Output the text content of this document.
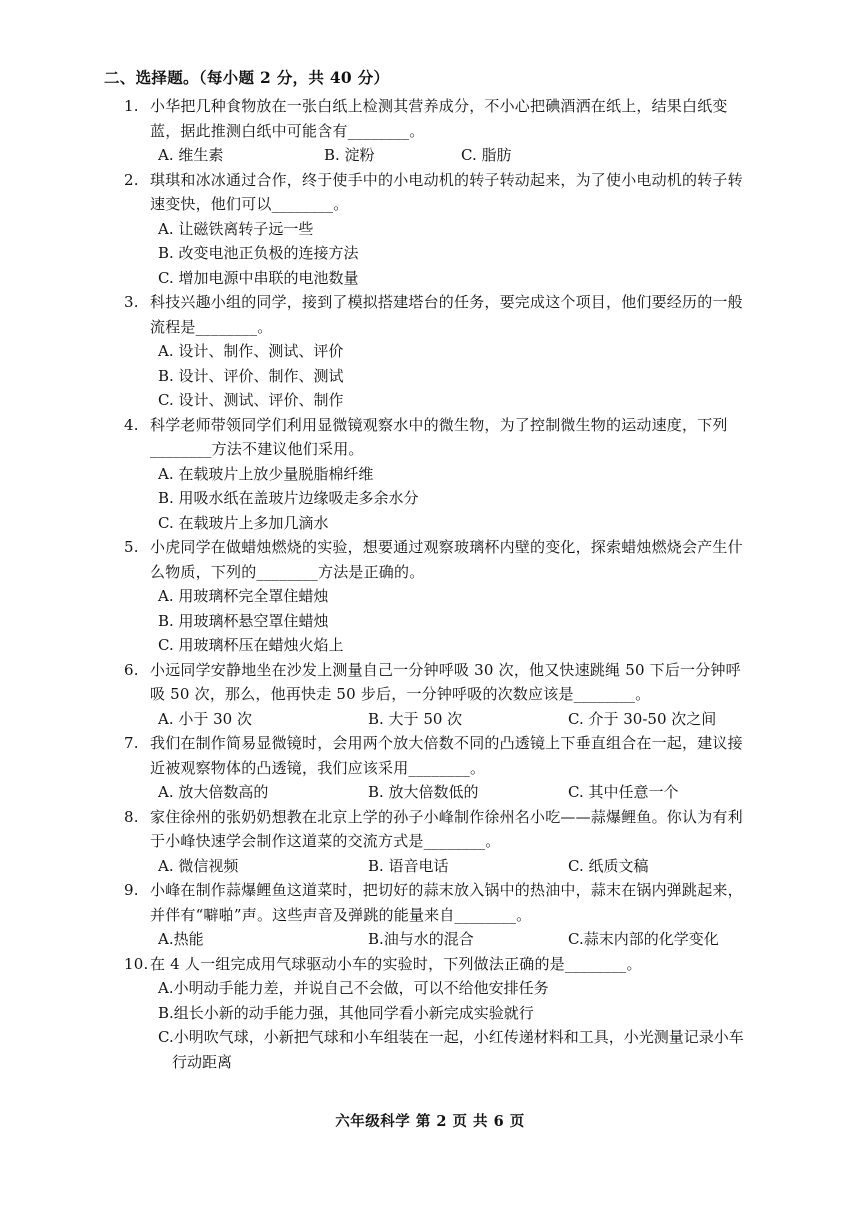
二、选择题。（每小题 2 分，共 40 分）
1. 小华把几种食物放在一张白纸上检测其营养成分，不小心把碘酒洒在纸上，结果白纸变蓝，据此推测白纸中可能含有________。
A. 维生素	B. 淀粉	C. 脂肪
2. 琪琪和冰冰通过合作，终于使手中的小电动机的转子转动起来，为了使小电动机的转子转速变快，他们可以________。
A. 让磁铁离转子远一些
B. 改变电池正负极的连接方法
C. 增加电源中串联的电池数量
3. 科技兴趣小组的同学，接到了模拟搭建塔台的任务，要完成这个项目，他们要经历的一般流程是________。
A. 设计、制作、测试、评价
B. 设计、评价、制作、测试
C. 设计、测试、评价、制作
4. 科学老师带领同学们利用显微镜观察水中的微生物，为了控制微生物的运动速度，下列________方法不建议他们采用。
A. 在载玻片上放少量脱脂棉纤维
B. 用吸水纸在盖玻片边缘吸走多余水分
C. 在载玻片上多加几滴水
5. 小虎同学在做蜡烛燃烧的实验，想要通过观察玻璃杯内壁的变化，探索蜡烛燃烧会产生什么物质，下列的________方法是正确的。
A. 用玻璃杯完全罩住蜡烛
B. 用玻璃杯悬空罩住蜡烛
C. 用玻璃杯压在蜡烛火焰上
6. 小远同学安静地坐在沙发上测量自己一分钟呼吸 30 次，他又快速跳绳 50 下后一分钟呼吸 50 次，那么，他再快走 50 步后，一分钟呼吸的次数应该是________。
A. 小于 30 次	B. 大于 50 次	C. 介于 30-50 次之间
7. 我们在制作简易显微镜时，会用两个放大倍数不同的凸透镜上下垂直组合在一起，建议接近被观察物体的凸透镜，我们应该采用________。
A. 放大倍数高的	B. 放大倍数低的	C. 其中任意一个
8. 家住徐州的张奶奶想教在北京上学的孙子小峰制作徐州名小吃——蒜爆鲤鱼。你认为有利于小峰快速学会制作这道菜的交流方式是________。
A. 微信视频	B. 语音电话	C. 纸质文稿
9. 小峰在制作蒜爆鲤鱼这道菜时，把切好的蒜末放入锅中的热油中，蒜末在锅内弹跳起来，并伴有“噼啪”声。这些声音及弹跳的能量来自________。
A.热能	B.油与水的混合	C.蒜末内部的化学变化
10. 在 4 人一组完成用气球驱动小车的实验时，下列做法正确的是________。
A.小明动手能力差，并说自己不会做，可以不给他安排任务
B.组长小新的动手能力强，其他同学看小新完成实验就行
C.小明吹气球，小新把气球和小车组装在一起，小红传递材料和工具，小光测量记录小车行动距离
六年级科学 第 2 页 共 6 页
